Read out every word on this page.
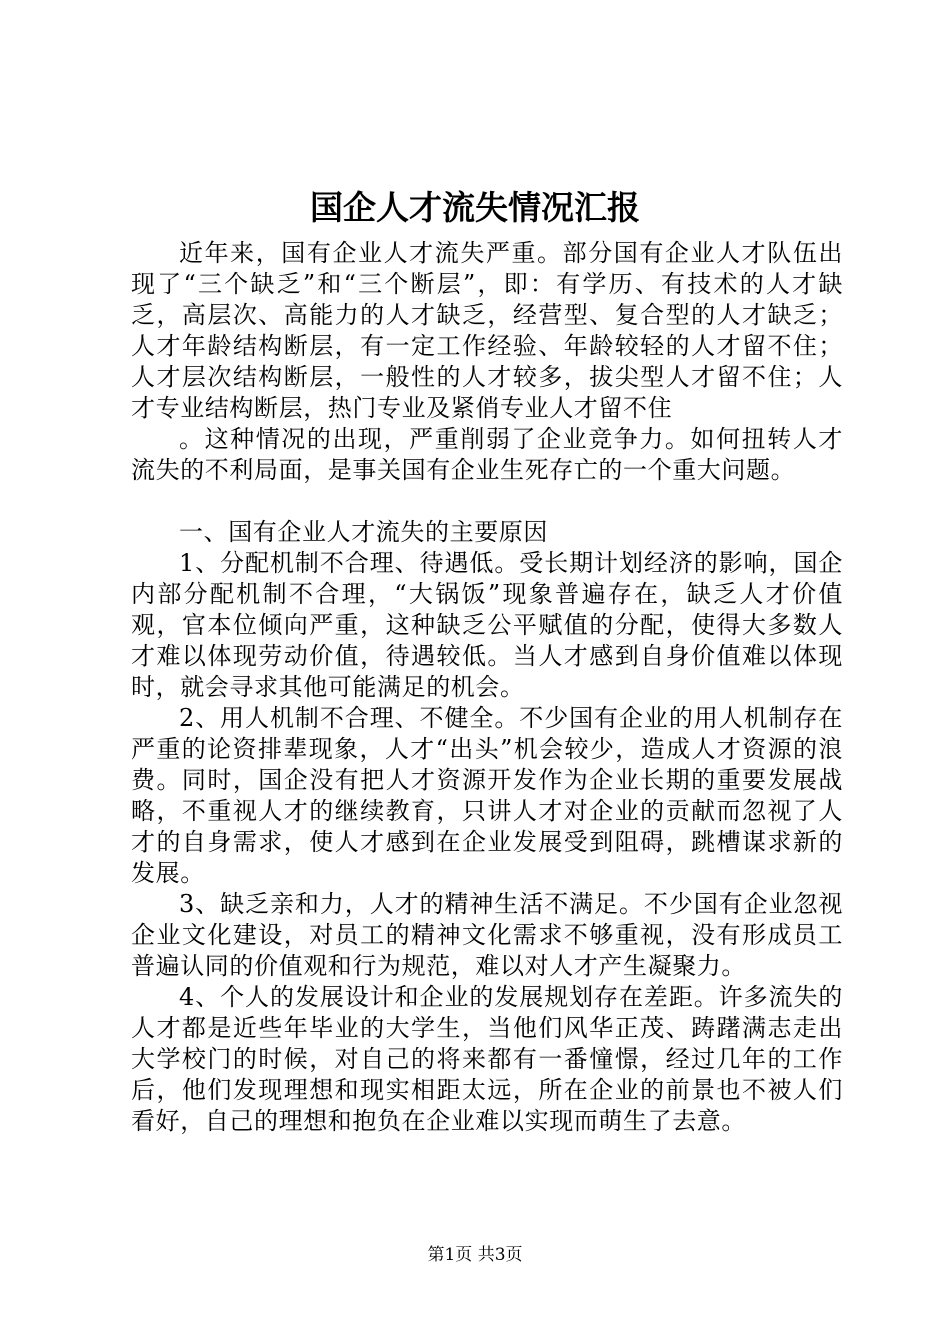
国企人才流失情况汇报

近年来，国有企业人才流失严重。部分国有企业人才队伍出现了“三个缺乏”和“三个断层”，即：有学历、有技术的人才缺乏，高层次、高能力的人才缺乏，经营型、复合型的人才缺乏；人才年龄结构断层，有一定工作经验、年龄较轻的人才留不住；人才层次结构断层，一般性的人才较多，拔尖型人才留不住；人才专业结构断层，热门专业及紧俏专业人才留不住

。这种情况的出现，严重削弱了企业竞争力。如何扭转人才流失的不利局面，是事关国有企业生死存亡的一个重大问题。

一、国有企业人才流失的主要原因

1、分配机制不合理、待遇低。受长期计划经济的影响，国企内部分配机制不合理，“大锅饭”现象普遍存在，缺乏人才价值观，官本位倾向严重，这种缺乏公平赋值的分配，使得大多数人才难以体现劳动价值，待遇较低。当人才感到自身价值难以体现时，就会寻求其他可能满足的机会。

2、用人机制不合理、不健全。不少国有企业的用人机制存在严重的论资排辈现象，人才“出头”机会较少，造成人才资源的浪费。同时，国企没有把人才资源开发作为企业长期的重要发展战略，不重视人才的继续教育，只讲人才对企业的贡献而忽视了人才的自身需求，使人才感到在企业发展受到阻碍，跳槽谋求新的发展。

3、缺乏亲和力，人才的精神生活不满足。不少国有企业忽视企业文化建设，对员工的精神文化需求不够重视，没有形成员工普遍认同的价值观和行为规范，难以对人才产生凝聚力。

4、个人的发展设计和企业的发展规划存在差距。许多流失的人才都是近些年毕业的大学生，当他们风华正茂、踌躇满志走出大学校门的时候，对自己的将来都有一番憧憬，经过几年的工作后，他们发现理想和现实相距太远，所在企业的前景也不被人们看好，自己的理想和抱负在企业难以实现而萌生了去意。

第1页 共3页
